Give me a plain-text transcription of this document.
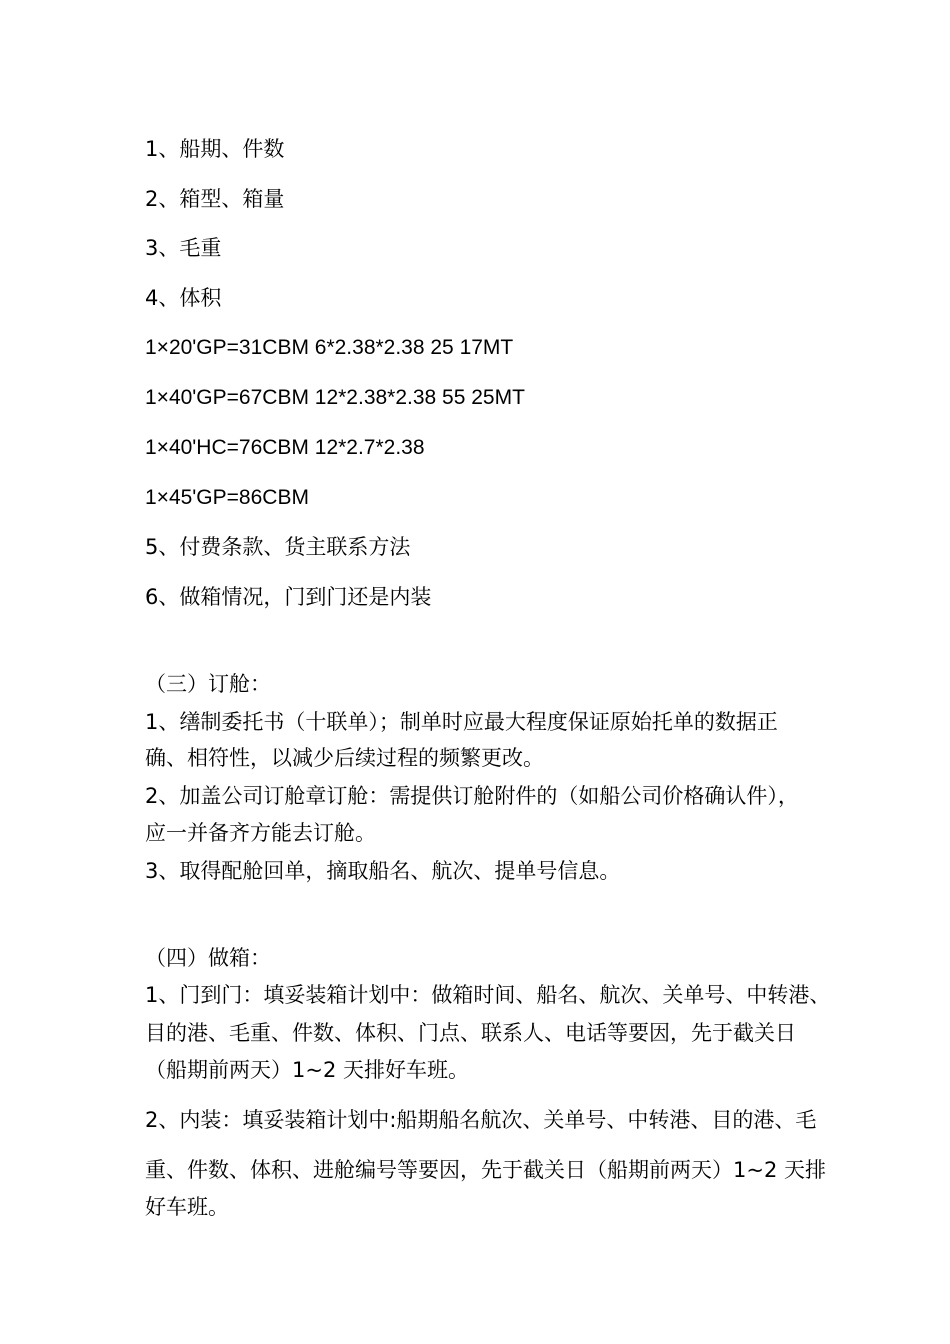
1、船期、件数
2、箱型、箱量
3、毛重
4、体积
1×20'GP=31CBM 6*2.38*2.38 25 17MT
1×40'GP=67CBM 12*2.38*2.38 55 25MT
1×40'HC=76CBM 12*2.7*2.38
1×45'GP=86CBM
5、付费条款、货主联系方法
6、做箱情况，门到门还是内装
（三）订舱：
1、缮制委托书（十联单）；制单时应最大程度保证原始托单的数据正
确、相符性，以减少后续过程的频繁更改。
2、加盖公司订舱章订舱：需提供订舱附件的（如船公司价格确认件），
应一并备齐方能去订舱。
3、取得配舱回单，摘取船名、航次、提单号信息。
（四）做箱：
1、门到门：填妥装箱计划中：做箱时间、船名、航次、关单号、中转港、
目的港、毛重、件数、体积、门点、联系人、电话等要因，先于截关日
（船期前两天）1~2 天排好车班。
2、内装：填妥装箱计划中:船期船名航次、关单号、中转港、目的港、毛
重、件数、体积、进舱编号等要因，先于截关日（船期前两天）1~2 天排
好车班。
